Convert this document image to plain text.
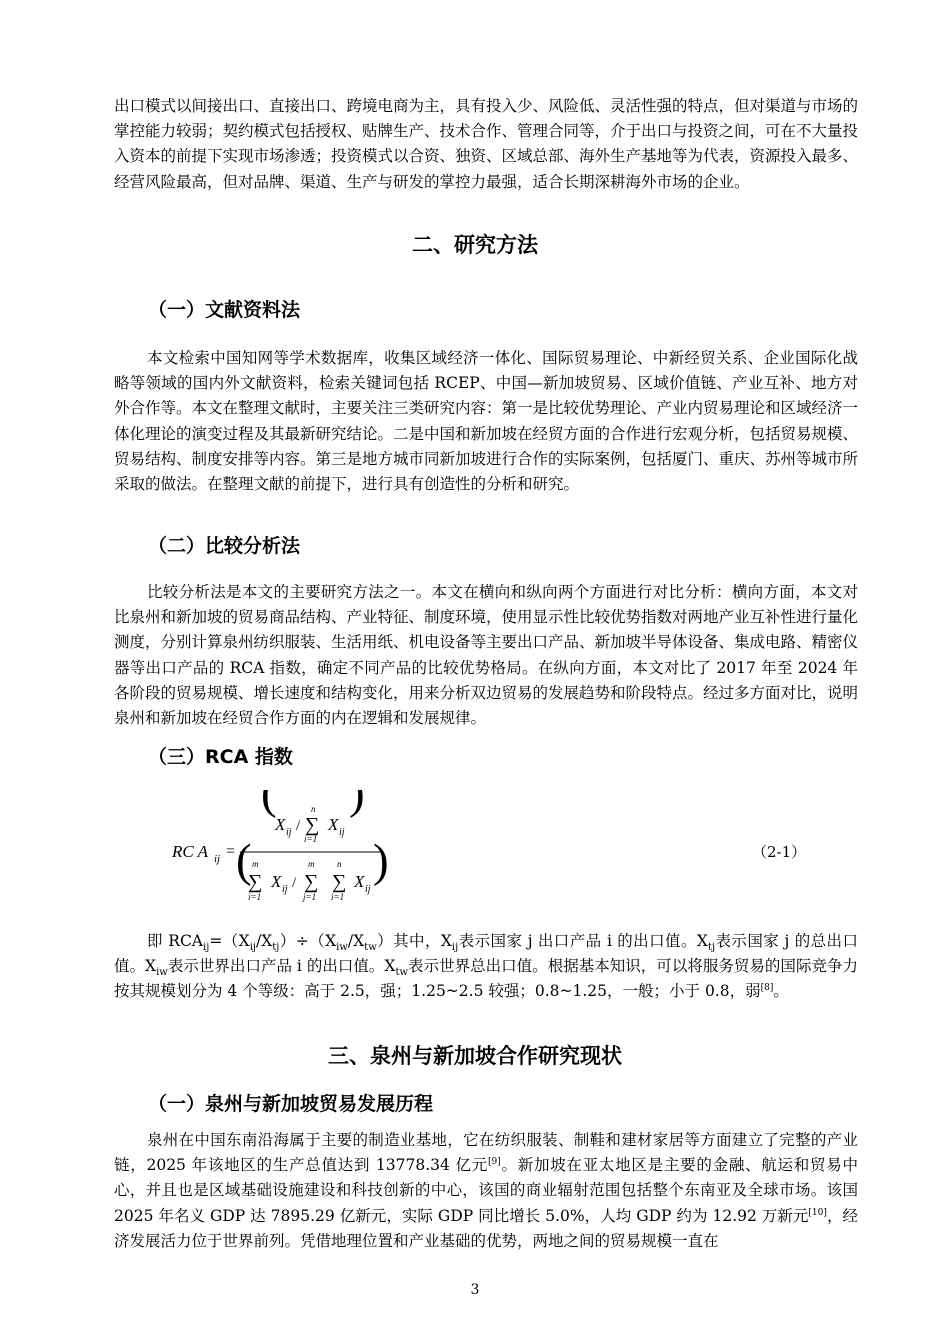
出口模式以间接出口、直接出口、跨境电商为主，具有投入少、风险低、灵活性强的特点，但对渠道与市场的掌控能力较弱；契约模式包括授权、贴牌生产、技术合作、管理合同等，介于出口与投资之间，可在不大量投入资本的前提下实现市场渗透；投资模式以合资、独资、区域总部、海外生产基地等为代表，资源投入最多、经营风险最高，但对品牌、渠道、生产与研发的掌控力最强，适合长期深耕海外市场的企业。

二、研究方法
（一）文献资料法

本文检索中国知网等学术数据库，收集区域经济一体化、国际贸易理论、中新经贸关系、企业国际化战略等领域的国内外文献资料，检索关键词包括 RCEP、中国—新加坡贸易、区域价值链、产业互补、地方对外合作等。本文在整理文献时，主要关注三类研究内容：第一是比较优势理论、产业内贸易理论和区域经济一体化理论的演变过程及其最新研究结论。二是中国和新加坡在经贸方面的合作进行宏观分析，包括贸易规模、贸易结构、制度安排等内容。第三是地方城市同新加坡进行合作的实际案例，包括厦门、重庆、苏州等城市所采取的做法。在整理文献的前提下，进行具有创造性的分析和研究。

（二）比较分析法

比较分析法是本文的主要研究方法之一。本文在横向和纵向两个方面进行对比分析：横向方面，本文对比泉州和新加坡的贸易商品结构、产业特征、制度环境，使用显示性比较优势指数对两地产业互补性进行量化测度，分别计算泉州纺织服装、生活用纸、机电设备等主要出口产品、新加坡半导体设备、集成电路、精密仪器等出口产品的 RCA 指数，确定不同产品的比较优势格局。在纵向方面，本文对比了 2017 年至 2024 年各阶段的贸易规模、增长速度和结构变化，用来分析双边贸易的发展趋势和阶段特点。经过多方面对比，说明泉州和新加坡在经贸合作方面的内在逻辑和发展规律。

（三）RCA 指数
RC A ij =
(
X ij /
n
∑
i=1
X ij
)
( m
∑
i=1
X ij /
m
∑
j=1
n
∑
i=1
X ij
)	（2-1）

即 $RCA_{ij}=(X_{ij}/X_{tj})\div(X_{iw}/X_{tw})$其中，$X_{ij}$表示国家 j 出口产品 i 的出口值。$X_{tj}$表示国家 j 的总出口值。$X_{iw}$表示世界出口产品 i 的出口值。$X_{tw}$表示世界总出口值。根据基本知识，可以将服务贸易的国际竞争力按其规模划分为 4 个等级：高于 2.5，强；1.25~2.5 较强；0.8~1.25，一般；小于 0.8，弱[8]。

三、泉州与新加坡合作研究现状
（一）泉州与新加坡贸易发展历程

泉州在中国东南沿海属于主要的制造业基地，它在纺织服装、制鞋和建材家居等方面建立了完整的产业链，2025 年该地区的生产总值达到 13778.34 亿元[9]。新加坡在亚太地区是主要的金融、航运和贸易中心，并且也是区域基础设施建设和科技创新的中心，该国的商业辐射范围包括整个东南亚及全球市场。该国 2025 年名义 GDP 达 7895.29 亿新元，实际 GDP 同比增长 5.0%，人均 GDP 约为 12.92 万新元[10]，经济发展活力位于世界前列。凭借地理位置和产业基础的优势，两地之间的贸易规模一直在

3
